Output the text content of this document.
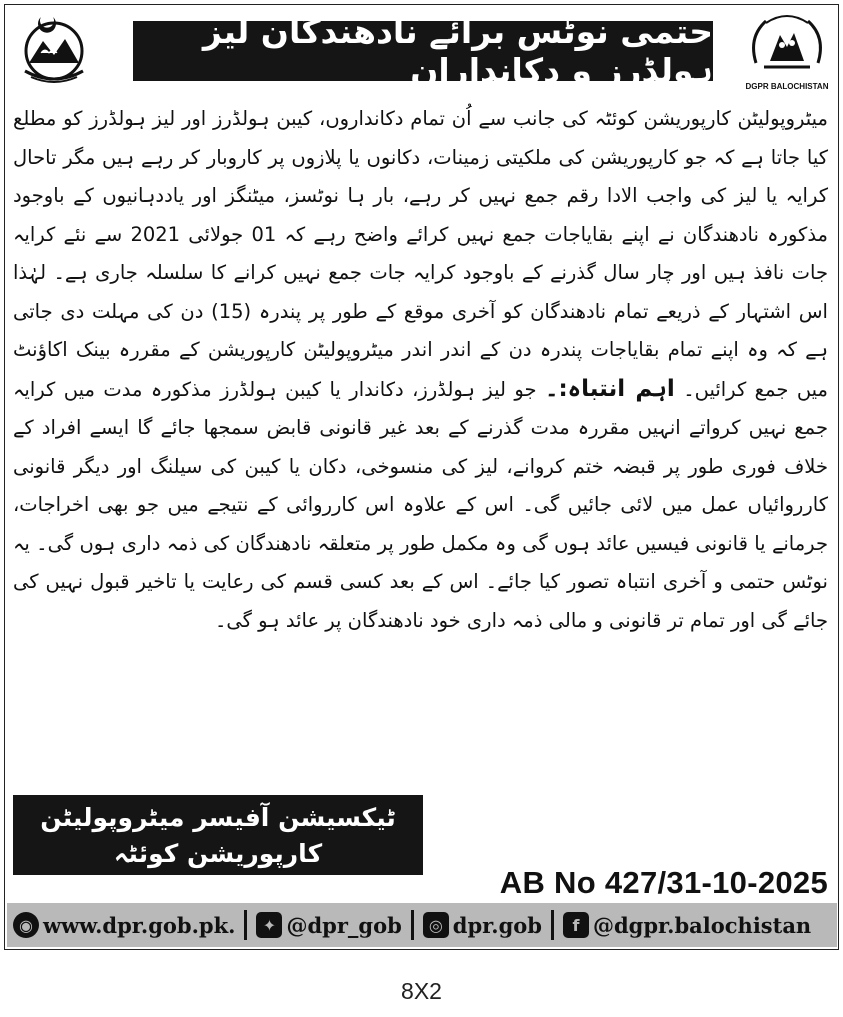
حتمی نوٹس برائے نادھندگان لیز ہولڈرز و دکانداران	DGPR BALOCHISTAN
میٹروپولیٹن کارپوریشن کوئٹہ کی جانب سے اُن تمام دکانداروں، کیبن ہولڈرز اور لیز ہولڈرز کو مطلع کیا جاتا ہے کہ جو کارپوریشن کی ملکیتی زمینات، دکانوں یا پلازوں پر کاروبار کر رہے ہیں مگر تاحال کرایہ یا لیز کی واجب الادا رقم جمع نہیں کر رہے، بار ہا نوٹسز، میٹنگز اور یاددہانیوں کے باوجود مذکورہ نادھندگان نے اپنے بقایاجات جمع نہیں کرائے واضح رہے کہ 01 جولائی 2021 سے نئے کرایہ جات نافذ ہیں اور چار سال گذرنے کے باوجود کرایہ جات جمع نہیں کرانے کا سلسلہ جاری ہے۔ لہٰذا اس اشتہار کے ذریعے تمام نادھندگان کو آخری موقع کے طور پر پندرہ (15) دن کی مہلت دی جاتی ہے کہ وہ اپنے تمام بقایاجات پندرہ دن کے اندر اندر میٹروپولیٹن کارپوریشن کے مقررہ بینک اکاؤنٹ میں جمع کرائیں۔ اہم انتباہ:۔ جو لیز ہولڈرز، دکاندار یا کیبن ہولڈرز مذکورہ مدت میں کرایہ جمع نہیں کرواتے انہیں مقررہ مدت گذرنے کے بعد غیر قانونی قابض سمجھا جائے گا ایسے افراد کے خلاف فوری طور پر قبضہ ختم کروانے، لیز کی منسوخی، دکان یا کیبن کی سیلنگ اور دیگر قانونی کارروائیاں عمل میں لائی جائیں گی۔ اس کے علاوہ اس کارروائی کے نتیجے میں جو بھی اخراجات، جرمانے یا قانونی فیسیں عائد ہوں گی وہ مکمل طور پر متعلقہ نادھندگان کی ذمہ داری ہوں گی۔ یہ نوٹس حتمی و آخری انتباہ تصور کیا جائے۔ اس کے بعد کسی قسم کی رعایت یا تاخیر قبول نہیں کی جائے گی اور تمام تر قانونی و مالی ذمہ داری خود نادھندگان پر عائد ہو گی۔
ٹیکسیشن آفیسر میٹروپولیٹن
کارپوریشن کوئٹہ
AB No 427/31-10-2025
◉ www.dpr.gob.pk.	✦ @dpr_gob	◎ dpr.gob	f @dgpr.balochistan
8X2
